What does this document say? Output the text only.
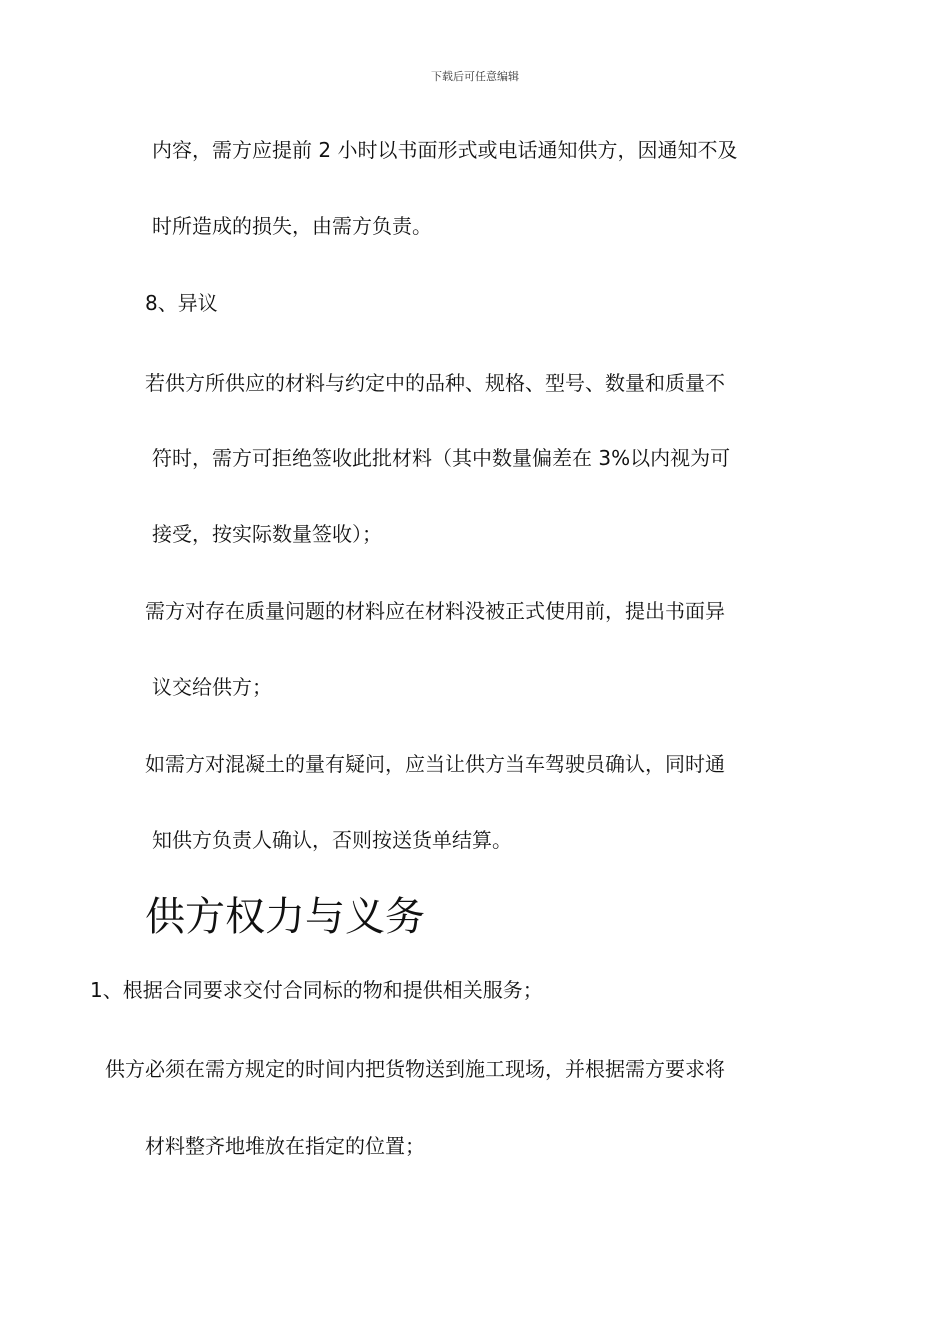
下载后可任意编辑
内容，需方应提前 2 小时以书面形式或电话通知供方，因通知不及
时所造成的损失，由需方负责。
8、异议
若供方所供应的材料与约定中的品种、规格、型号、数量和质量不
符时，需方可拒绝签收此批材料（其中数量偏差在 3%以内视为可
接受，按实际数量签收）；
需方对存在质量问题的材料应在材料没被正式使用前，提出书面异
议交给供方；
如需方对混凝土的量有疑问，应当让供方当车驾驶员确认，同时通
知供方负责人确认，否则按送货单结算。
供方权力与义务
1、根据合同要求交付合同标的物和提供相关服务；
供方必须在需方规定的时间内把货物送到施工现场，并根据需方要求将
材料整齐地堆放在指定的位置；
